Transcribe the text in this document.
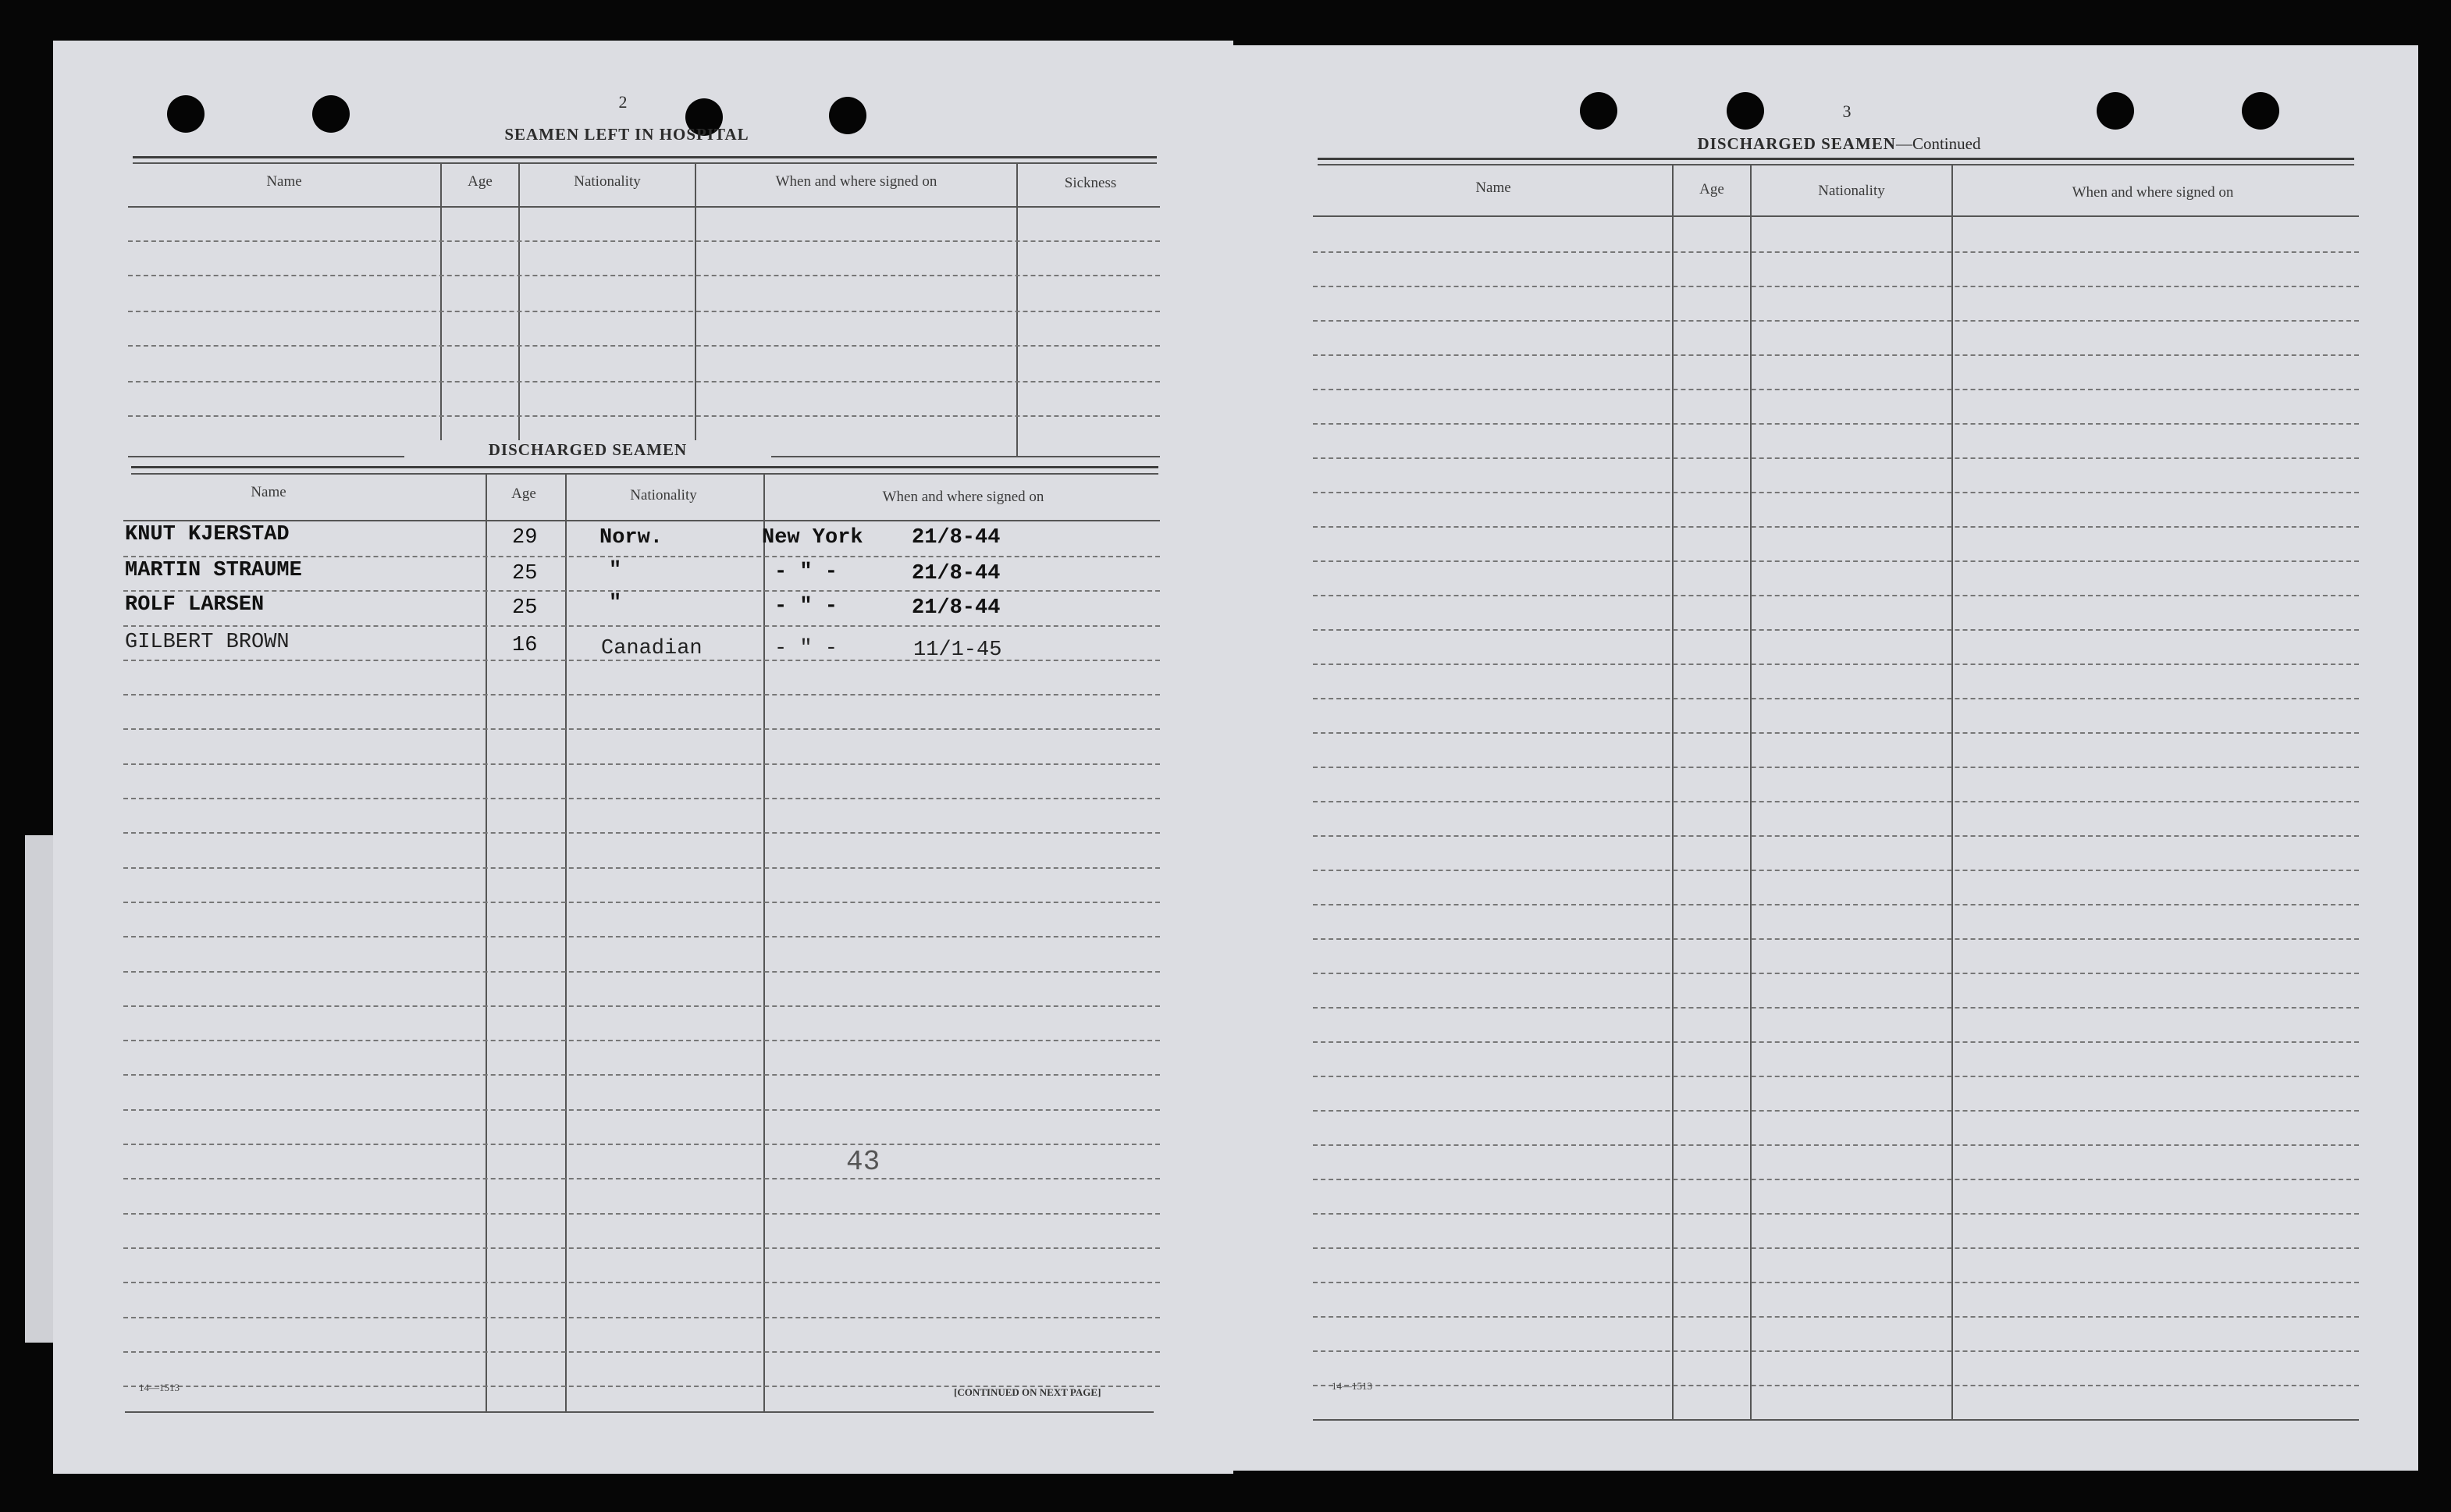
2
SEAMEN LEFT IN HOSPITAL
Name	Age	Nationality	When and where signed on	Sickness
DISCHARGED SEAMEN
Name	Age	Nationality	When and where signed on
KNUT KJERSTAD	29	Norw.	New York 21/8-44
MARTIN STRAUME	25	"	- " -	21/8-44
ROLF LARSEN	25	"	- " -	21/8-44
GILBERT BROWN	16	Canadian	- " -	11/1-45
43
14—1513	[CONTINUED ON NEXT PAGE]
3
DISCHARGED SEAMEN—Continued
Name	Age	Nationality	When and where signed on
14—1513
